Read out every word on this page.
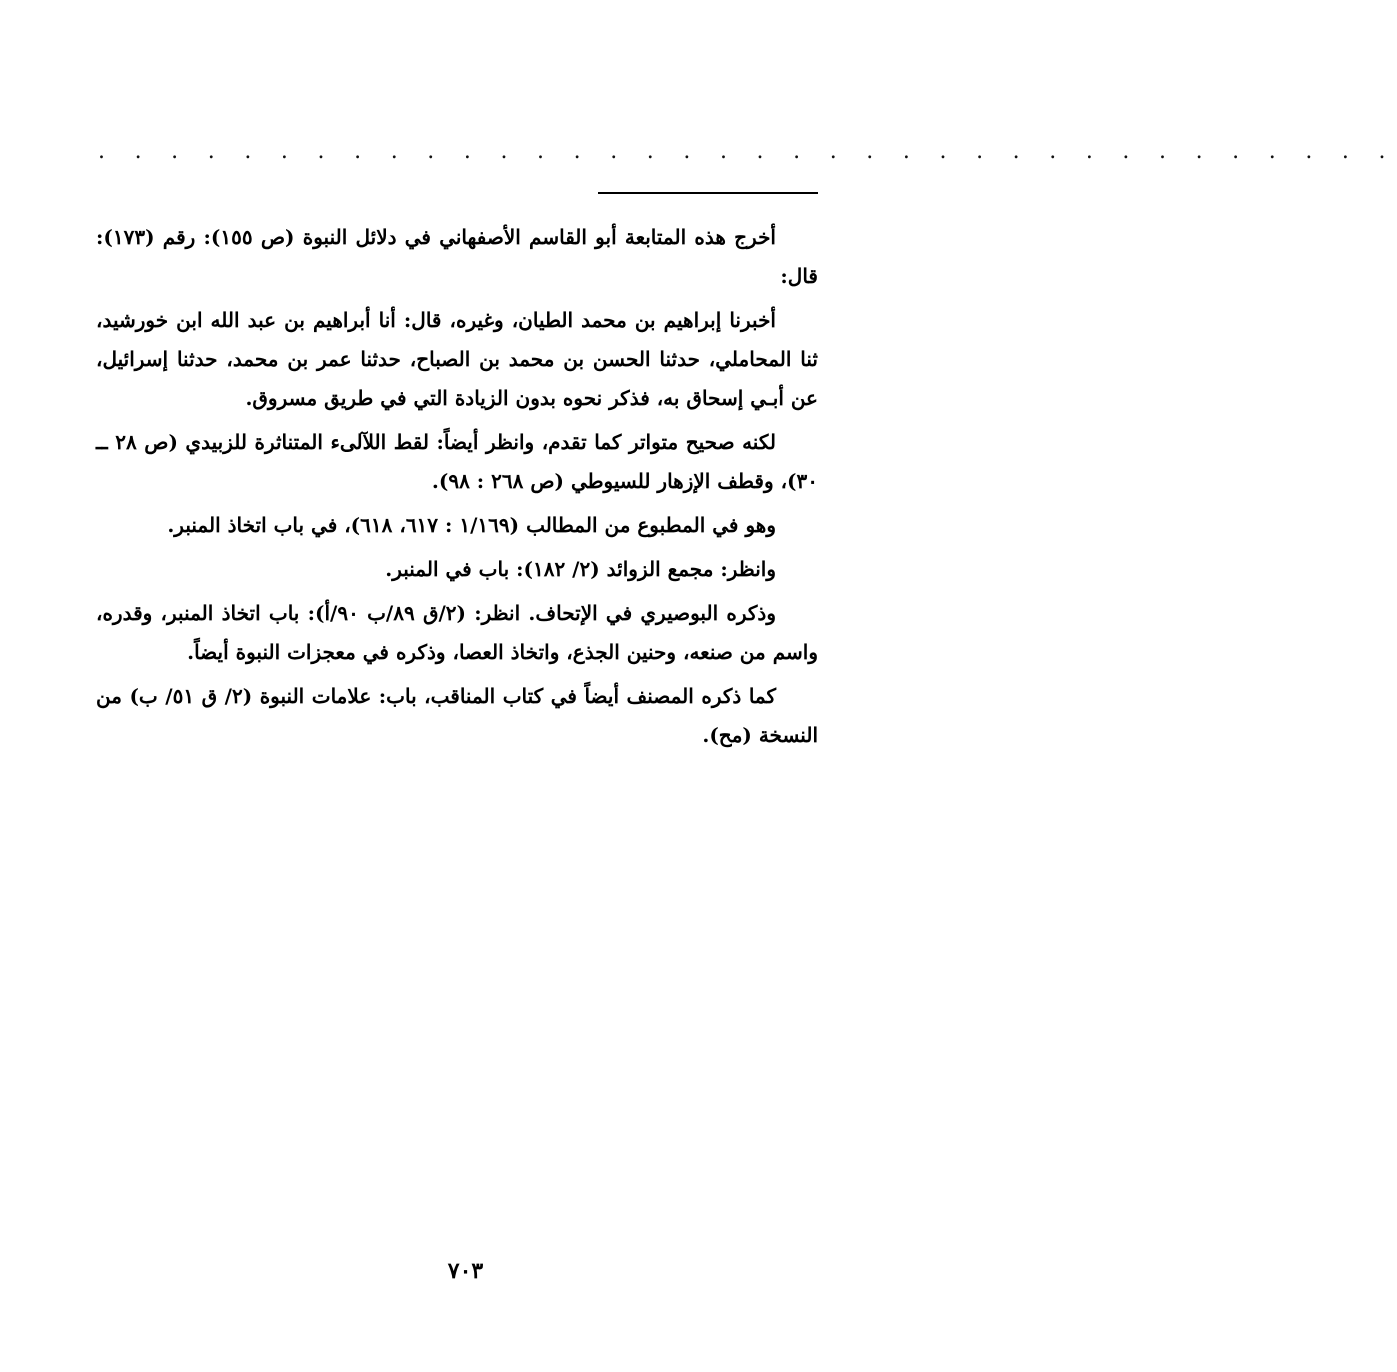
. . . . . . . . . . . . . . . . . . . . . . . . . . . . . . . . . . . .

أخرج هذه المتابعة أبو القاسم الأصفهاني في دلائل النبوة (ص ١٥٥): رقم (١٧٣): قال:

أخبرنا إبراهيم بن محمد الطيان، وغيره، قال: أنا أبراهيم بن عبد الله ابن خورشيد، ثنا المحاملي، حدثنا الحسن بن محمد بن الصباح، حدثنا عمر بن محمد، حدثنا إسرائيل، عن أبـي إسحاق به، فذكر نحوه بدون الزيادة التي في طريق مسروق.

لكنه صحيح متواتر كما تقدم، وانظر أيضاً: لقط اللآلىء المتناثرة للزبيدي (ص ٢٨ ــ ٣٠)، وقطف الإزهار للسيوطي (ص ٢٦٨ : ٩٨).

وهو في المطبوع من المطالب (١/١٦٩ : ٦١٧، ٦١٨)، في باب اتخاذ المنبر.

وانظر: مجمع الزوائد (٢/ ١٨٢): باب في المنبر.

وذكره البوصيري في الإتحاف. انظر: (٢/ق ٨٩/ب ٩٠/أ): باب اتخاذ المنبر، وقدره، واسم من صنعه، وحنين الجذع، واتخاذ العصا، وذكره في معجزات النبوة أيضاً.

كما ذكره المصنف أيضاً في كتاب المناقب، باب: علامات النبوة (٢/ ق ٥١/ ب) من النسخة (مح).

٧٠٣
